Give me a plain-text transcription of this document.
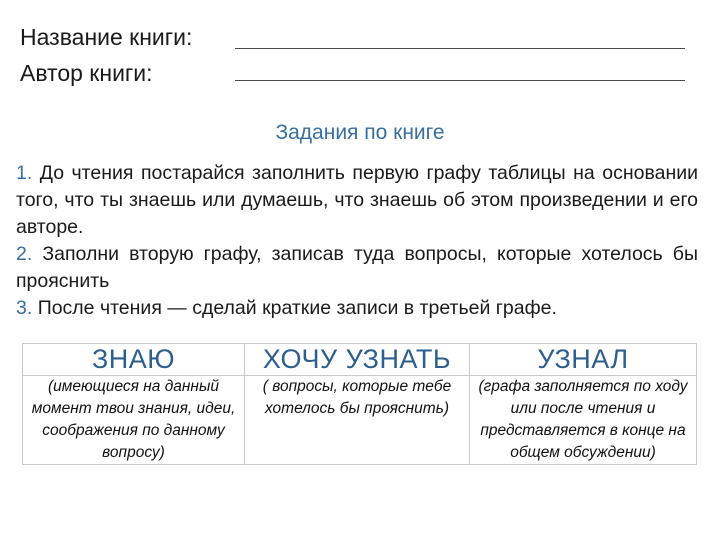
Название книги:
Автор книги:
Задания по книге

1. До чтения постарайся заполнить первую графу таблицы на основании того, что ты знаешь или думаешь, что знаешь об этом произведении и его авторе.

2. Заполни вторую графу, записав туда вопросы, которые хотелось бы прояснить

3. После чтения — сделай краткие записи в третьей графе.

ЗНАЮ	ХОЧУ УЗНАТЬ	УЗНАЛ
(имеющиеся на данный момент твои знания, идеи, соображения по данному вопросу)	( вопросы, которые тебе хотелось бы прояснить)	(графа заполняется по ходу или после чтения и представляется в конце на общем обсуждении)
